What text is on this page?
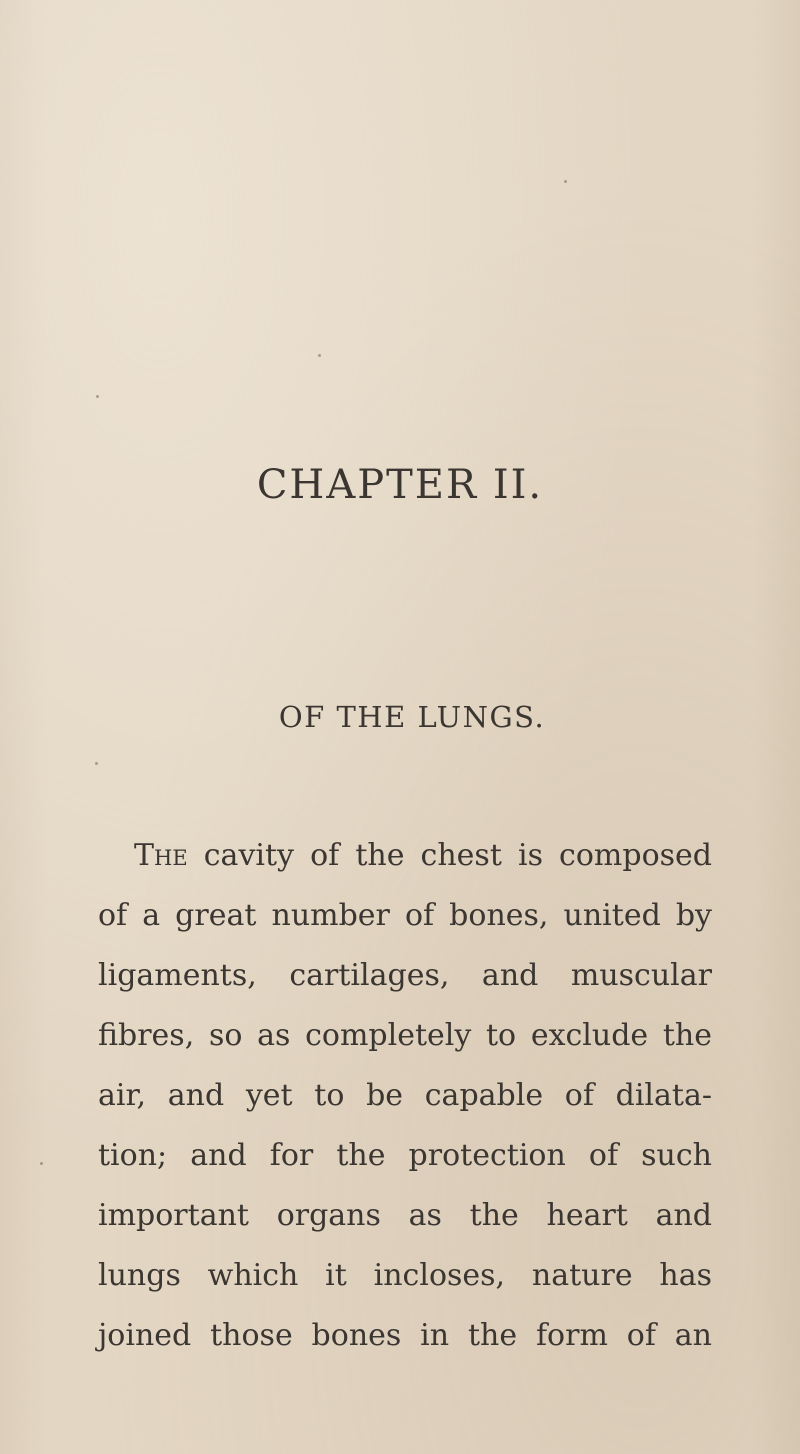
CHAPTER II.
OF THE LUNGS.

The cavity of the chest is composed
of a great number of bones, united by
ligaments, cartilages, and muscular
fibres, so as completely to exclude the
air, and yet to be capable of dilata-
tion; and for the protection of such
important organs as the heart and
lungs which it incloses, nature has
joined those bones in the form of an
